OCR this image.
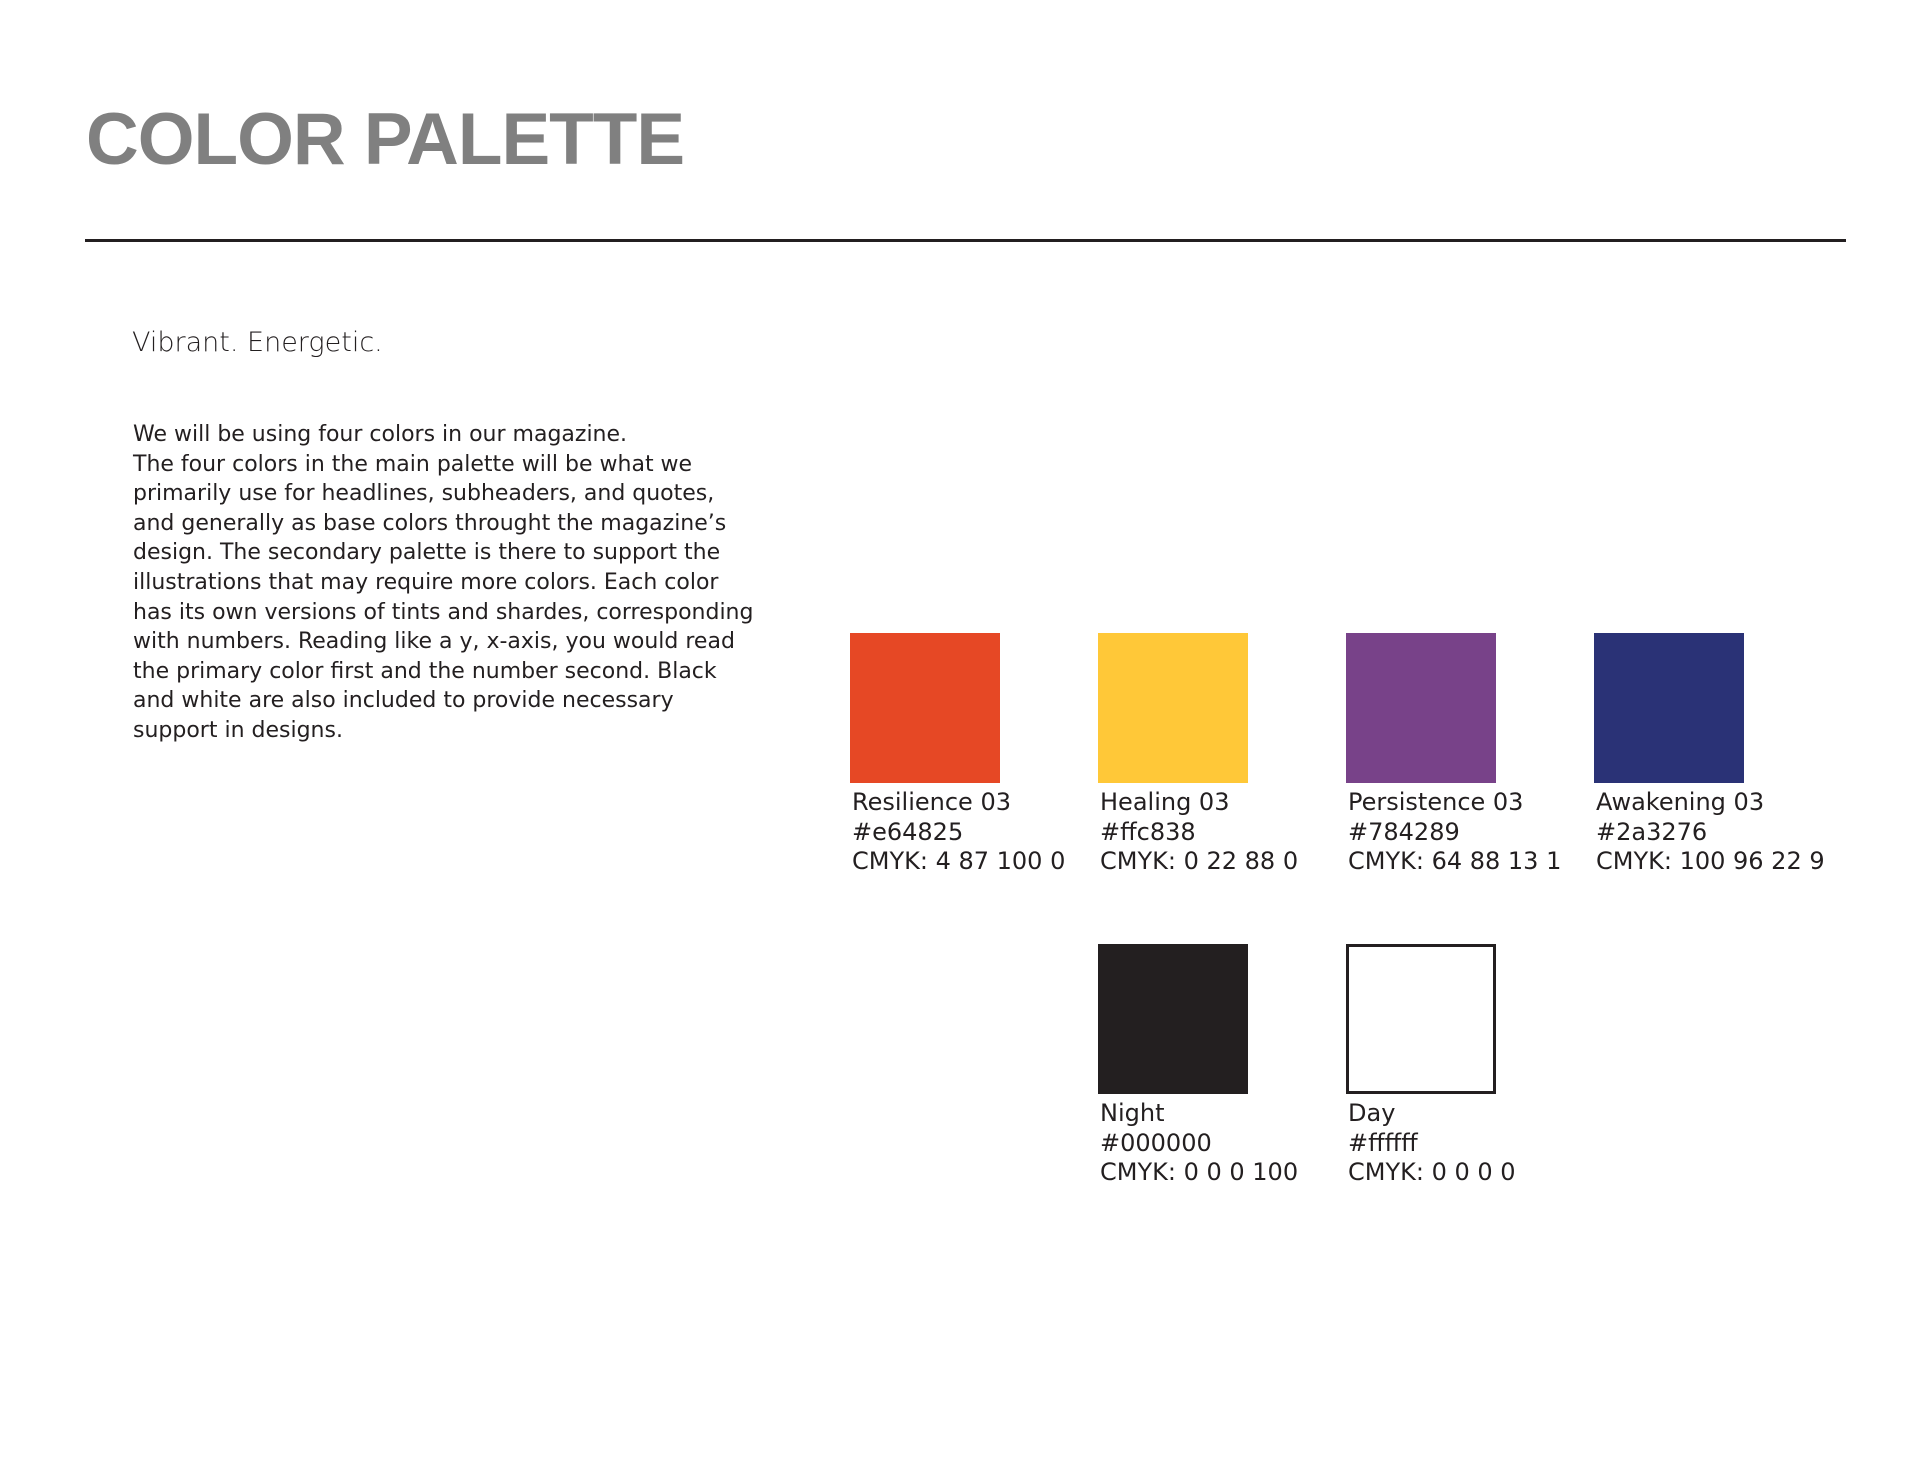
COLOR PALETTE

Vibrant. Energetic.

We will be using four colors in our magazine.
The four colors in the main palette will be what we
primarily use for headlines, subheaders, and quotes,
and generally as base colors throught the magazine’s
design. The secondary palette is there to support the
illustrations that may require more colors. Each color
has its own versions of tints and shardes, corresponding
with numbers. Reading like a y, x-axis, you would read
the primary color first and the number second. Black
and white are also included to provide necessary
support in designs.
Resilience 03
#e64825
CMYK: 4 87 100 0
Healing 03
#ffc838
CMYK: 0 22 88 0
Persistence 03
#784289
CMYK: 64 88 13 1
Awakening 03
#2a3276
CMYK: 100 96 22 9
Night
#000000
CMYK: 0 0 0 100
Day
#ffffff
CMYK: 0 0 0 0
